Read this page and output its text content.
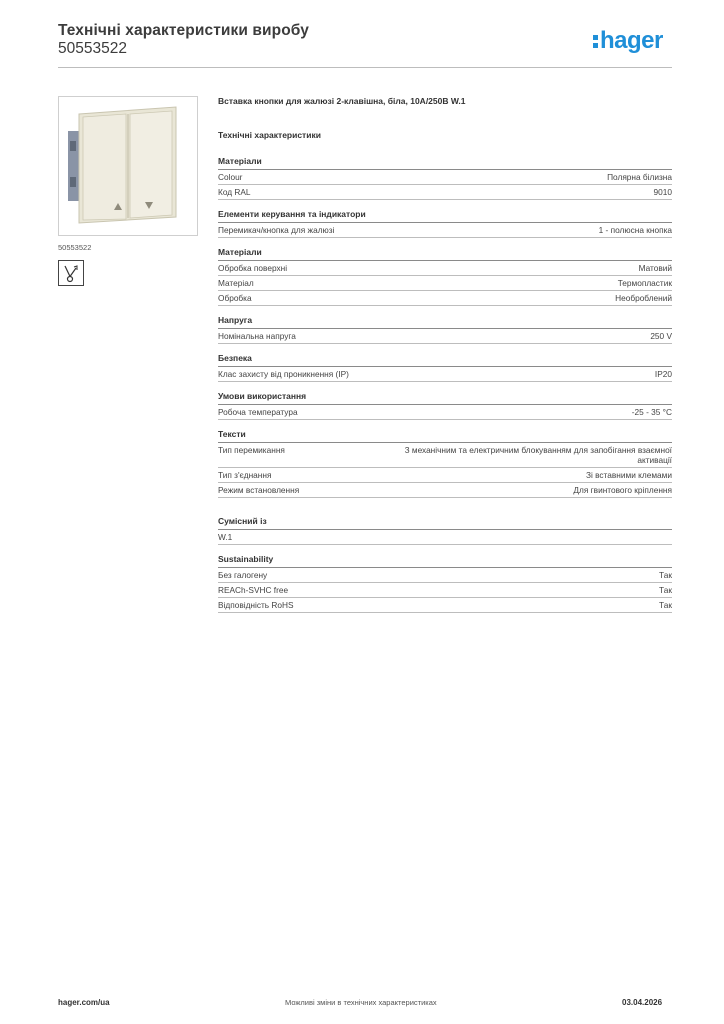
Технічні характеристики виробу
50553522	hager
50553522
Вставка кнопки для жалюзі 2-клавішна, біла, 10А/250В W.1
Технічні характеристики
Матеріали
Colour	Полярна білизна
Код RAL	9010
Елементи керування та індикатори
Перемикач/кнопка для жалюзі	1 - полюсна кнопка
Матеріали
Обробка поверхні	Матовий
Матеріал	Термопластик
Обробка	Необроблений
Напруга
Номінальна напруга	250 V
Безпека
Клас захисту від проникнення (IP)	IP20
Умови використання
Робоча температура	-25 - 35 °C
Тексти
Тип перемикання	З механічним та електричним блокуванням для запобігання взаємної активації
Тип з'єднання	Зі вставними клемами
Режим встановлення	Для гвинтового кріплення
Сумісний із
W.1
Sustainability
Без галогену	Так
REACh-SVHC free	Так
Відповідність RoHS	Так
hager.com/ua	Можливі зміни в технічних характеристиках	03.04.2026
